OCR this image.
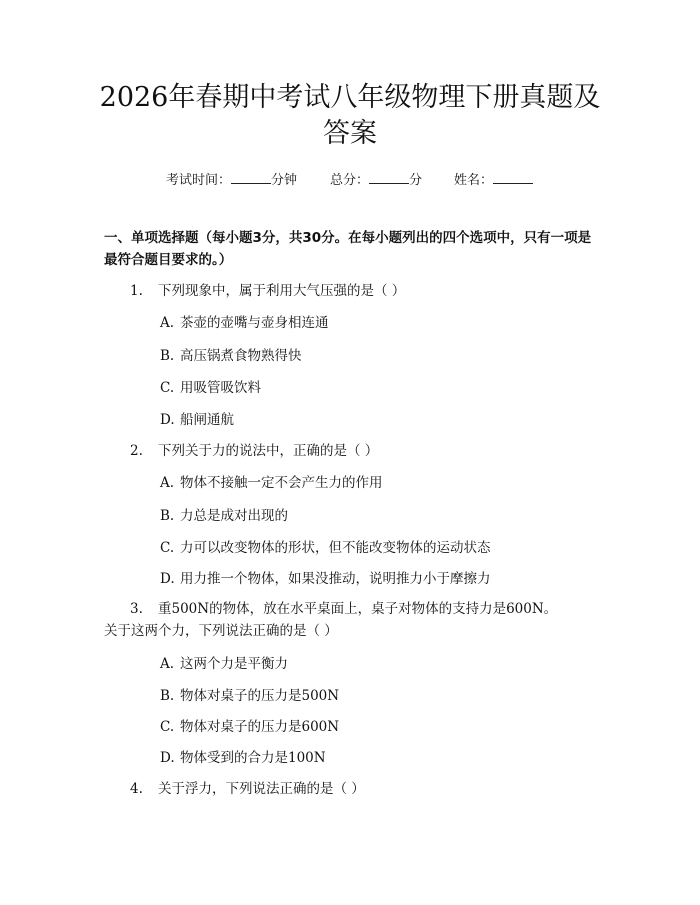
2026年春期中考试八年级物理下册真题及答案
考试时间：	分钟	总分：	分 姓名：

一、单项选择题（每小题3分，共30分。在每小题列出的四个选项中，只有一项是最符合题目要求的。）

1. 下列现象中，属于利用大气压强的是（ ）
A. 茶壶的壶嘴与壶身相连通
B. 高压锅煮食物熟得快
C. 用吸管吸饮料
D. 船闸通航
2. 下列关于力的说法中，正确的是（ ）
A. 物体不接触一定不会产生力的作用
B. 力总是成对出现的
C. 力可以改变物体的形状，但不能改变物体的运动状态
D. 用力推一个物体，如果没推动，说明推力小于摩擦力
3. 重500N的物体，放在水平桌面上，桌子对物体的支持力是600N。关于这两个力，下列说法正确的是（ ）
A. 这两个力是平衡力
B. 物体对桌子的压力是500N
C. 物体对桌子的压力是600N
D. 物体受到的合力是100N
4. 关于浮力，下列说法正确的是（ ）
